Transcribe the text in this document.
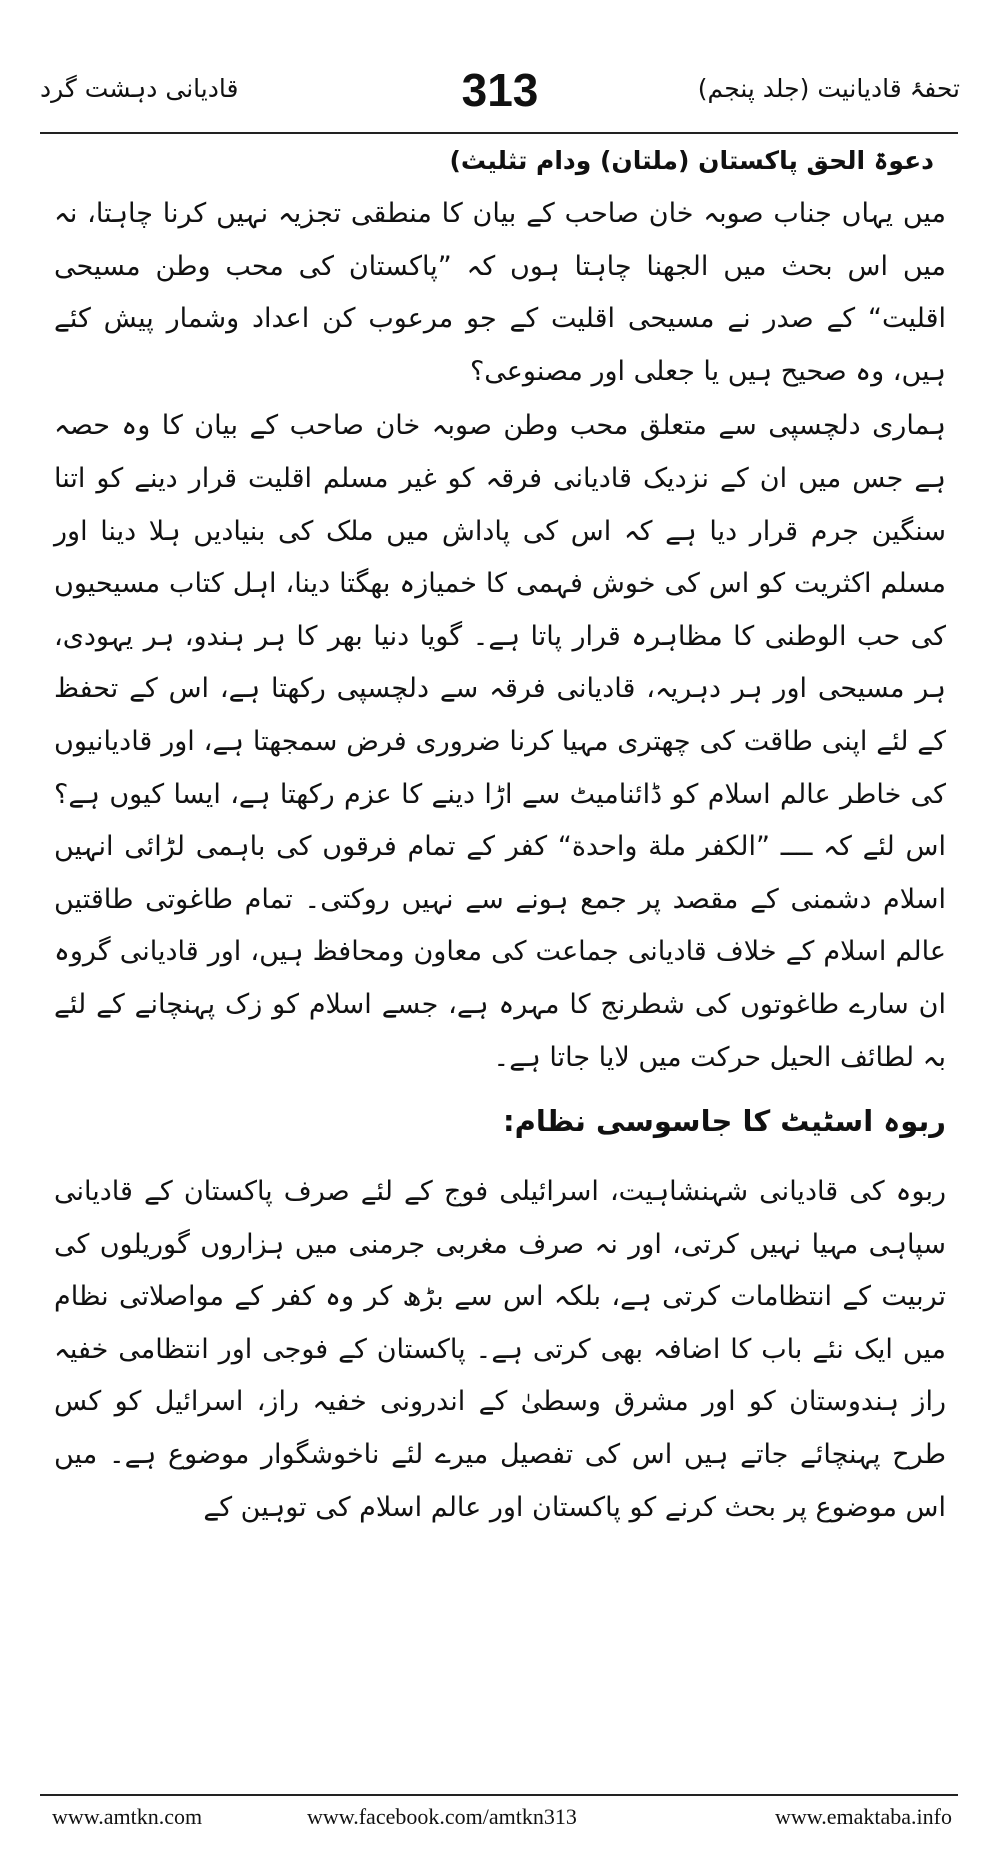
تحفۂ قادیانیت (جلد پنجم)
313
قادیانی دہشت گرد
دعوۃ الحق پاکستان (ملتان) ودام تثلیث)

میں یہاں جناب صوبہ خان صاحب کے بیان کا منطقی تجزیہ نہیں کرنا چاہتا، نہ میں اس بحث میں الجھنا چاہتا ہوں کہ ”پاکستان کی محب وطن مسیحی اقلیت“ کے صدر نے مسیحی اقلیت کے جو مرعوب کن اعداد وشمار پیش کئے ہیں، وہ صحیح ہیں یا جعلی اور مصنوعی؟

ہماری دلچسپی سے متعلق محب وطن صوبہ خان صاحب کے بیان کا وہ حصہ ہے جس میں ان کے نزدیک قادیانی فرقہ کو غیر مسلم اقلیت قرار دینے کو اتنا سنگین جرم قرار دیا ہے کہ اس کی پاداش میں ملک کی بنیادیں ہلا دینا اور مسلم اکثریت کو اس کی خوش فہمی کا خمیازہ بھگتا دینا، اہل کتاب مسیحیوں کی حب الوطنی کا مظاہرہ قرار پاتا ہے۔ گویا دنیا بھر کا ہر ہندو، ہر یہودی، ہر مسیحی اور ہر دہریہ، قادیانی فرقہ سے دلچسپی رکھتا ہے، اس کے تحفظ کے لئے اپنی طاقت کی چھتری مہیا کرنا ضروری فرض سمجھتا ہے، اور قادیانیوں کی خاطر عالم اسلام کو ڈائنامیٹ سے اڑا دینے کا عزم رکھتا ہے، ایسا کیوں ہے؟ اس لئے کہ ــــ ”الکفر ملة واحدة“ کفر کے تمام فرقوں کی باہمی لڑائی انہیں اسلام دشمنی کے مقصد پر جمع ہونے سے نہیں روکتی۔ تمام طاغوتی طاقتیں عالم اسلام کے خلاف قادیانی جماعت کی معاون ومحافظ ہیں، اور قادیانی گروہ ان سارے طاغوتوں کی شطرنج کا مہرہ ہے، جسے اسلام کو زک پہنچانے کے لئے بہ لطائف الحیل حرکت میں لایا جاتا ہے۔

ربوہ اسٹیٹ کا جاسوسی نظام:

ربوہ کی قادیانی شہنشاہیت، اسرائیلی فوج کے لئے صرف پاکستان کے قادیانی سپاہی مہیا نہیں کرتی، اور نہ صرف مغربی جرمنی میں ہزاروں گوریلوں کی تربیت کے انتظامات کرتی ہے، بلکہ اس سے بڑھ کر وہ کفر کے مواصلاتی نظام میں ایک نئے باب کا اضافہ بھی کرتی ہے۔ پاکستان کے فوجی اور انتظامی خفیہ راز ہندوستان کو اور مشرق وسطیٰ کے اندرونی خفیہ راز، اسرائیل کو کس طرح پہنچائے جاتے ہیں اس کی تفصیل میرے لئے ناخوشگوار موضوع ہے۔ میں اس موضوع پر بحث کرنے کو پاکستان اور عالم اسلام کی توہین کے

www.amtkn.com	www.facebook.com/amtkn313	www.emaktaba.info
